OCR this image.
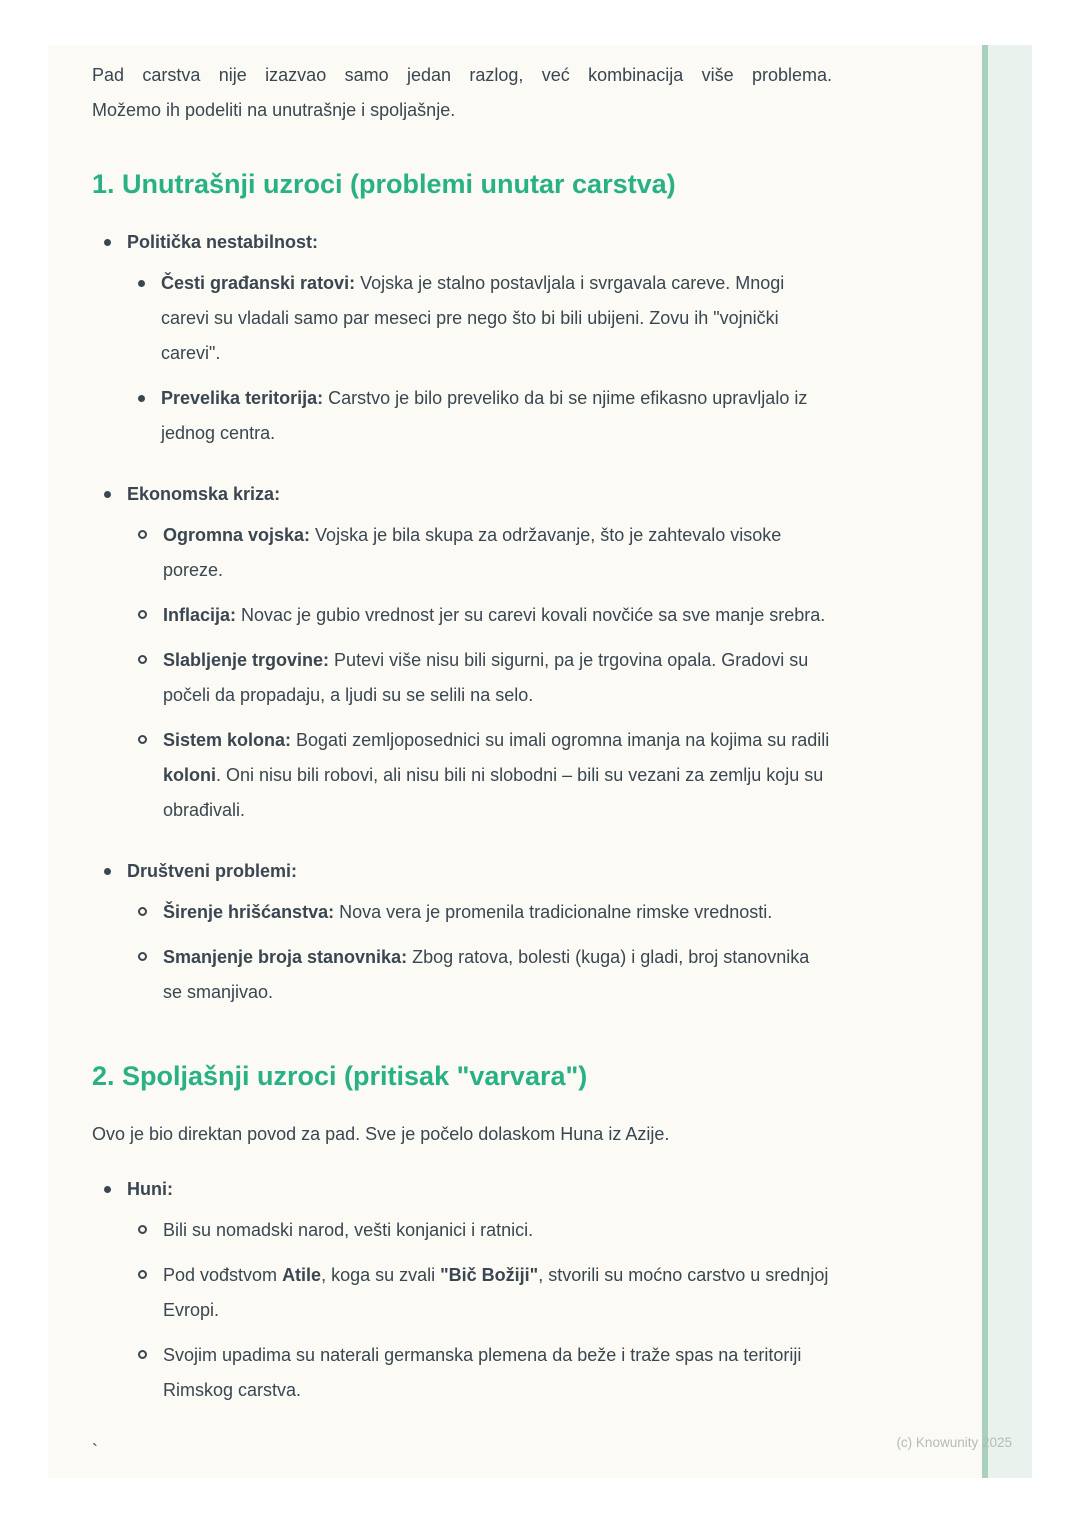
Pad carstva nije izazvao samo jedan razlog, već kombinacija više problema.

Možemo ih podeliti na unutrašnje i spoljašnje.

1. Unutrašnji uzroci (problemi unutar carstva)
Politička nestabilnost:
Česti građanski ratovi: Vojska je stalno postavljala i svrgavala careve. Mnogi carevi su vladali samo par meseci pre nego što bi bili ubijeni. Zovu ih "vojnički carevi".
Prevelika teritorija: Carstvo je bilo preveliko da bi se njime efikasno upravljalo iz jednog centra.
Ekonomska kriza:
Ogromna vojska: Vojska je bila skupa za održavanje, što je zahtevalo visoke poreze.
Inflacija: Novac je gubio vrednost jer su carevi kovali novčiće sa sve manje srebra.
Slabljenje trgovine: Putevi više nisu bili sigurni, pa je trgovina opala. Gradovi su počeli da propadaju, a ljudi su se selili na selo.
Sistem kolona: Bogati zemljoposednici su imali ogromna imanja na kojima su radili koloni. Oni nisu bili robovi, ali nisu bili ni slobodni – bili su vezani za zemlju koju su obrađivali.
Društveni problemi:
Širenje hrišćanstva: Nova vera je promenila tradicionalne rimske vrednosti.
Smanjenje broja stanovnika: Zbog ratova, bolesti (kuga) i gladi, broj stanovnika se smanjivao.
2. Spoljašnji uzroci (pritisak "varvara")

Ovo je bio direktan povod za pad. Sve je počelo dolaskom Huna iz Azije.

Huni:
Bili su nomadski narod, vešti konjanici i ratnici.
Pod vođstvom Atile, koga su zvali "Bič Božiji", stvorili su moćno carstvo u srednjoj Evropi.
Svojim upadima su naterali germanska plemena da beže i traže spas na teritoriji Rimskog carstva.
`	(c) Knowunity 2025
